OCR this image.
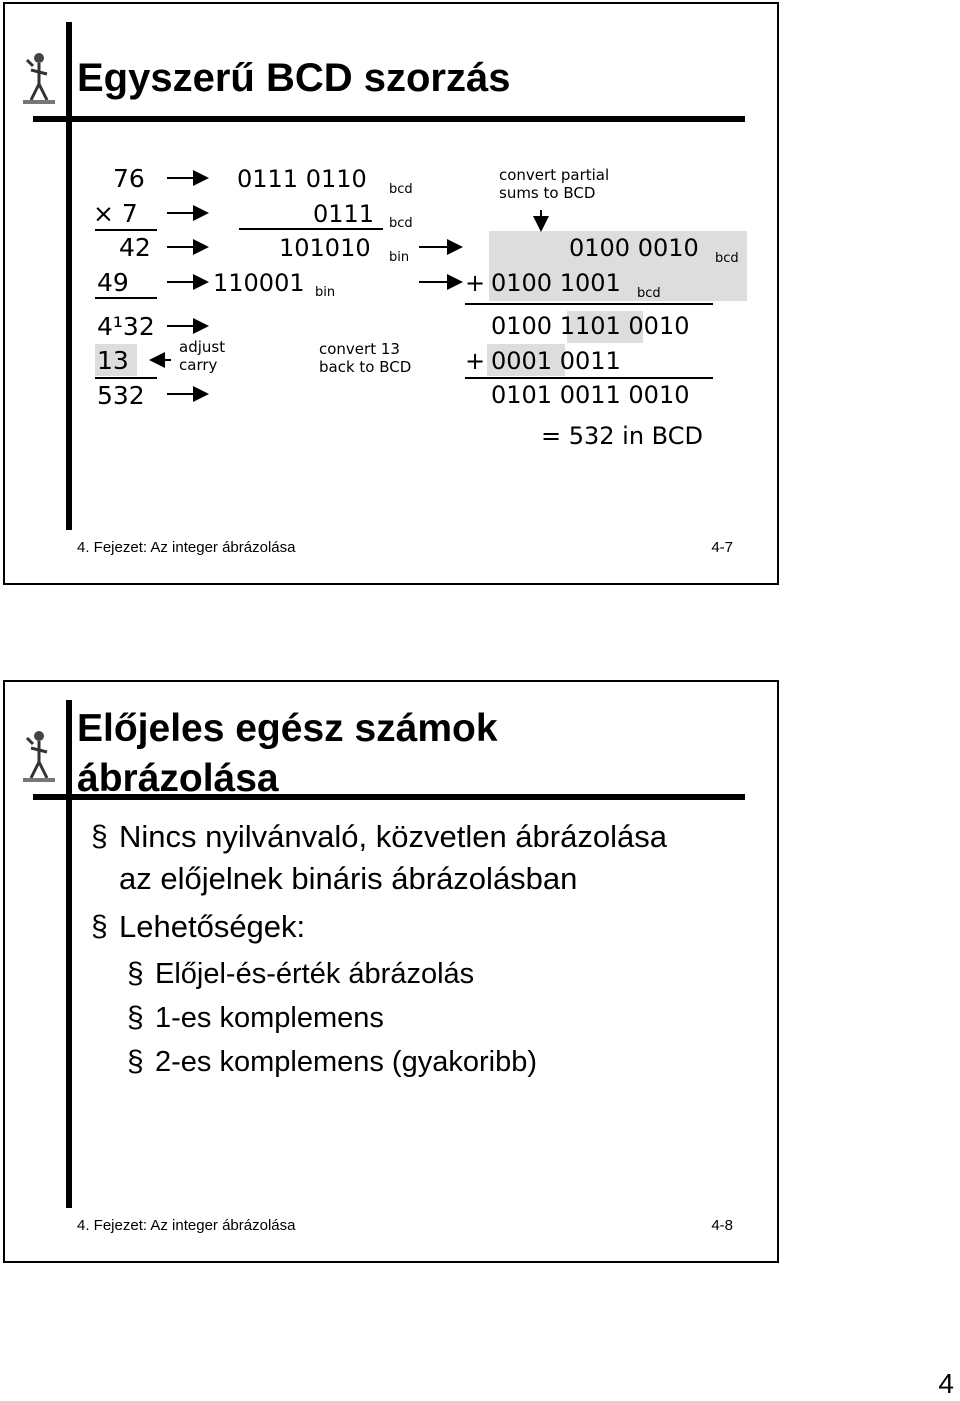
Egyszerű BCD szorzás
76
× 7
42
49
4¹32
13
532
0111 0110
0111
101010
110001
bcd
bcd
bin
bin
convert partial
sums to BCD
adjust
carry
convert 13
back to BCD
0100 0010
0100 1001
0100 1101 0010
0001 0011
0101 0011 0010
= 532 in BCD
+
+
bcd
bcd
4. Fejezet: Az integer ábrázolása	4-7
Előjeles egész számok
ábrázolása
§ Nincs nyilvánvaló, közvetlen ábrázolása
az előjelnek bináris ábrázolásban
§ Lehetőségek:
§ Előjel-és-érték ábrázolás
§ 1-es komplemens
§ 2-es komplemens (gyakoribb)
4. Fejezet: Az integer ábrázolása	4-8
4
